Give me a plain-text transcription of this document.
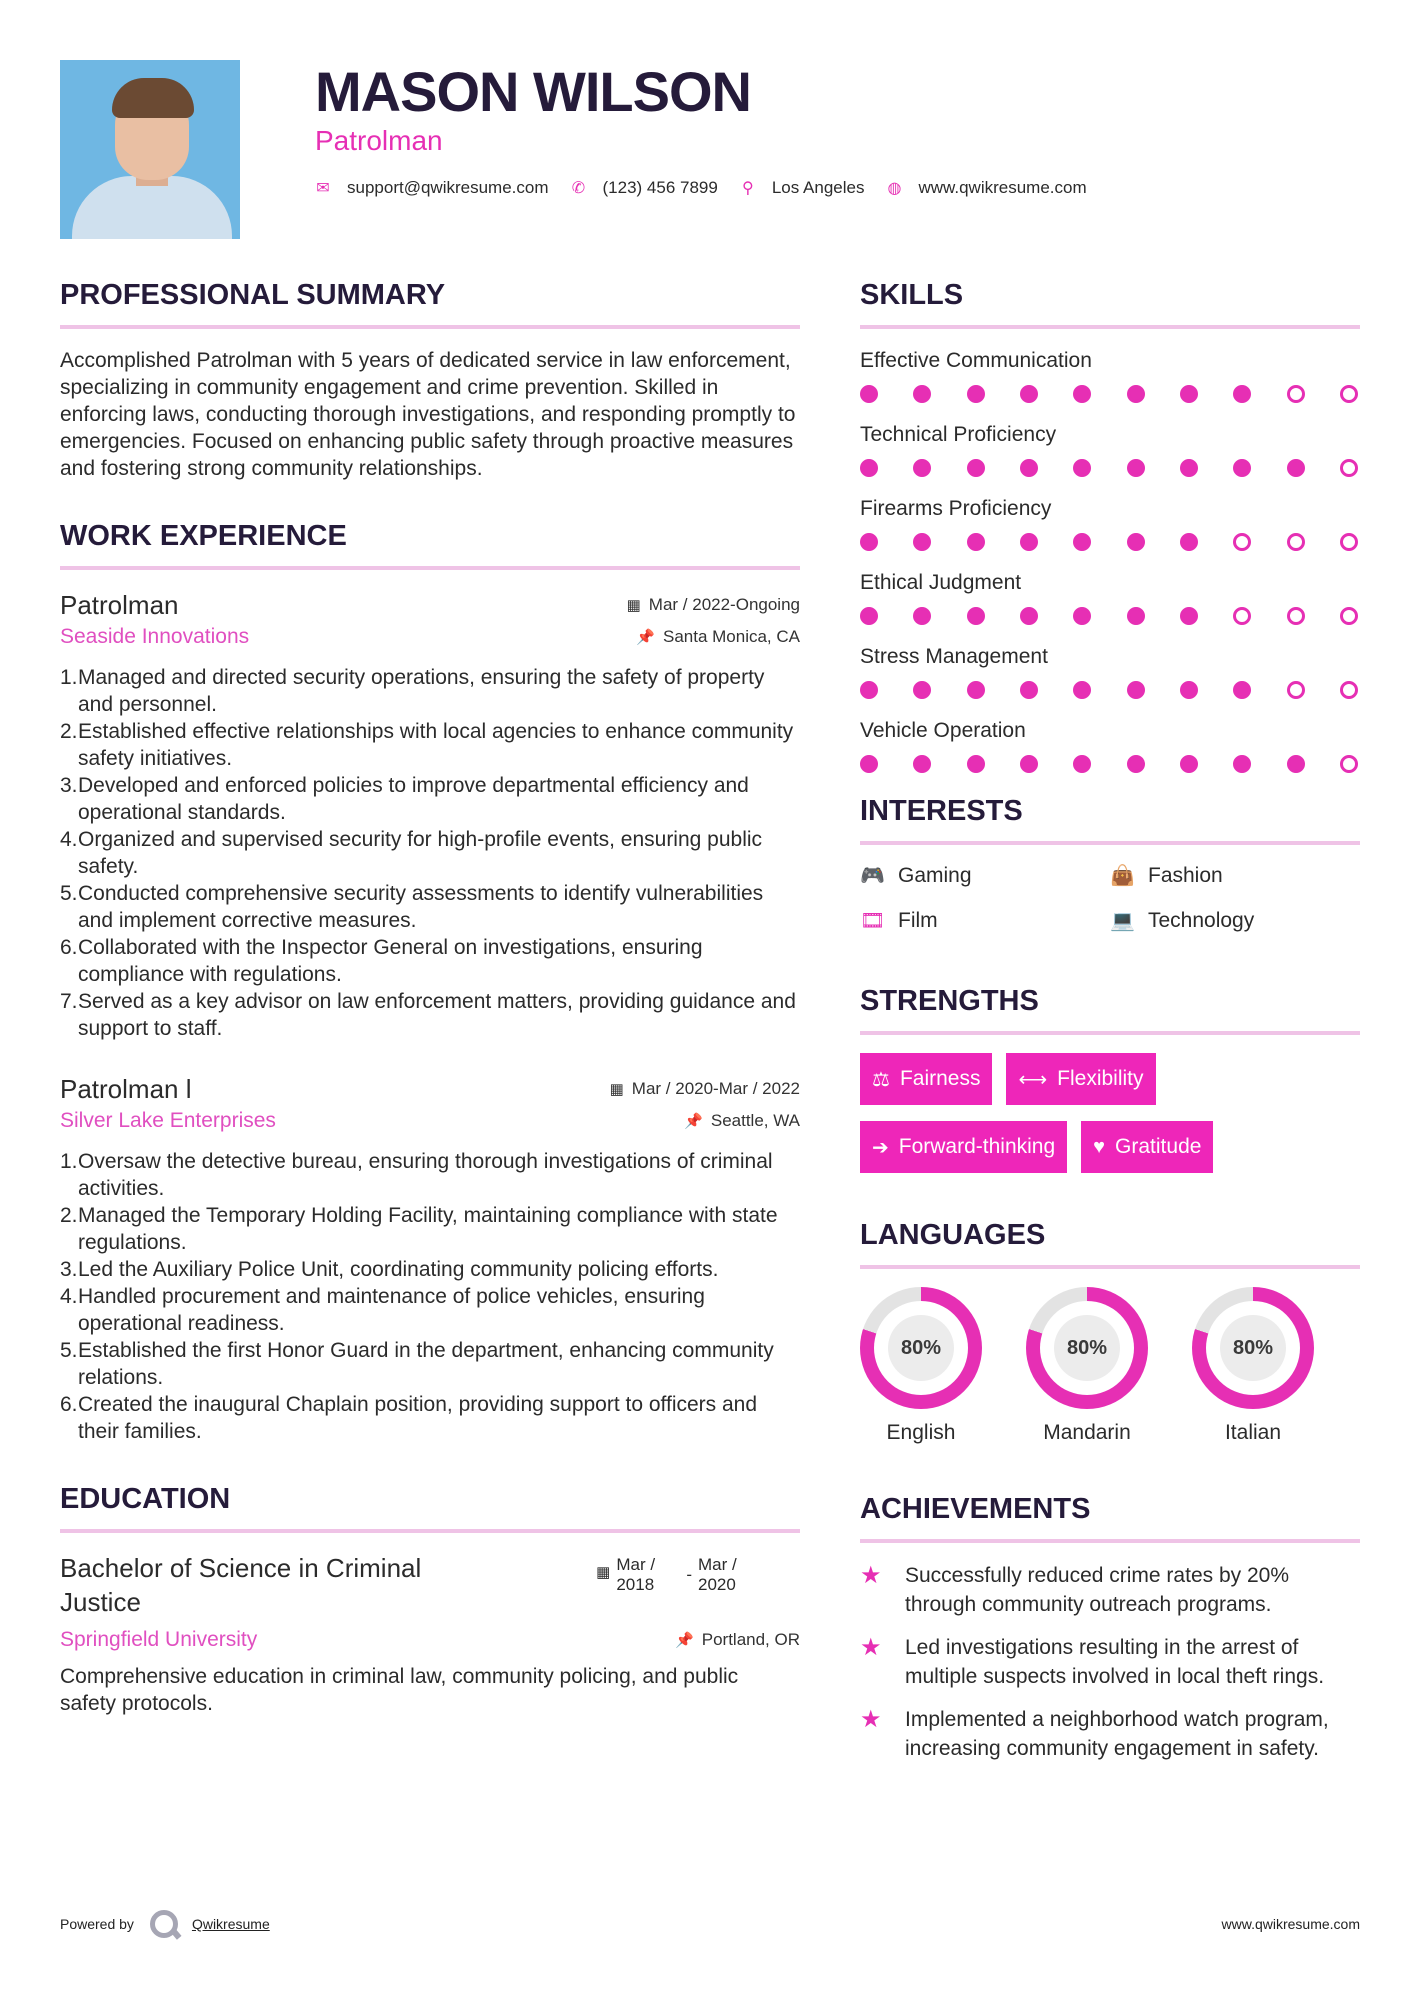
MASON WILSON
Patrolman
✉ support@qwikresume.com ✆ (123) 456 7899 ⚲ Los Angeles ◍ www.qwikresume.com
PROFESSIONAL SUMMARY

Accomplished Patrolman with 5 years of dedicated service in law enforcement, specializing in community engagement and crime prevention. Skilled in enforcing laws, conducting thorough investigations, and responding promptly to emergencies. Focused on enhancing public safety through proactive measures and fostering strong community relationships.

WORK EXPERIENCE
Patrolman	▦ Mar / 2022-Ongoing
Seaside Innovations	📌 Santa Monica, CA
1. Managed and directed security operations, ensuring the safety of property and personnel.
2. Established effective relationships with local agencies to enhance community safety initiatives.
3. Developed and enforced policies to improve departmental efficiency and operational standards.
4. Organized and supervised security for high-profile events, ensuring public safety.
5. Conducted comprehensive security assessments to identify vulnerabilities and implement corrective measures.
6. Collaborated with the Inspector General on investigations, ensuring compliance with regulations.
7. Served as a key advisor on law enforcement matters, providing guidance and support to staff.
Patrolman l	▦ Mar / 2020-Mar / 2022
Silver Lake Enterprises	📌 Seattle, WA
1. Oversaw the detective bureau, ensuring thorough investigations of criminal activities.
2. Managed the Temporary Holding Facility, maintaining compliance with state regulations.
3. Led the Auxiliary Police Unit, coordinating community policing efforts.
4. Handled procurement and maintenance of police vehicles, ensuring operational readiness.
5. Established the first Honor Guard in the department, enhancing community relations.
6. Created the inaugural Chaplain position, providing support to officers and their families.
EDUCATION
Bachelor of Science in Criminal Justice
▦ Mar / 2018
-
Mar / 2020
Springfield University	📌 Portland, OR

Comprehensive education in criminal law, community policing, and public safety protocols.

SKILLS
Effective Communication
Technical Proficiency
Firearms Proficiency
Ethical Judgment
Stress Management
Vehicle Operation
INTERESTS
🎮 Gaming	👜 Fashion
🎞 Film	💻 Technology
STRENGTHS
⚖ Fairness ⟷ Flexibility
➔ Forward-thinking ♥ Gratitude
LANGUAGES
80%
English
80%
Mandarin
80%
Italian
ACHIEVEMENTS
★	Successfully reduced crime rates by 20% through community outreach programs.
★	Led investigations resulting in the arrest of multiple suspects involved in local theft rings.
★	Implemented a neighborhood watch program, increasing community engagement in safety.
Powered by	Qwikresume	www.qwikresume.com
